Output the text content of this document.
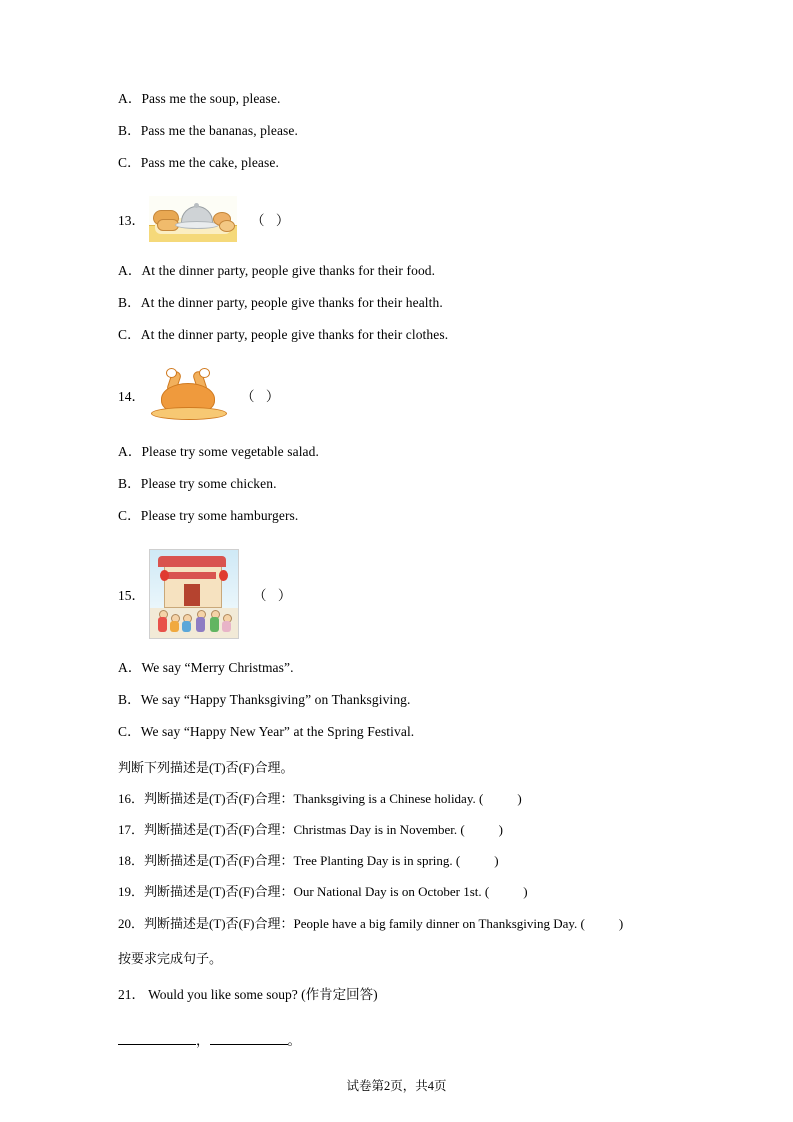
A．Pass me the soup, please.

B．Pass me the bananas, please.

C．Pass me the cake, please.

13．	（ ）

A．At the dinner party, people give thanks for their food.

B．At the dinner party, people give thanks for their health.

C．At the dinner party, people give thanks for their clothes.

14．	（ ）

A．Please try some vegetable salad.

B．Please try some chicken.

C．Please try some hamburgers.

15．	（ ）

A．We say “Merry Christmas”.

B．We say “Happy Thanksgiving” on Thanksgiving.

C．We say “Happy New Year” at the Spring Festival.

判断下列描述是(T)否(F)合理。

16．判断描述是(T)否(F)合理：Thanksgiving is a Chinese holiday. (	)

17．判断描述是(T)否(F)合理：Christmas Day is in November. (	)

18．判断描述是(T)否(F)合理：Tree Planting Day is in spring. (	)

19．判断描述是(T)否(F)合理：Our National Day is on October 1st. (	)

20．判断描述是(T)否(F)合理：People have a big family dinner on Thanksgiving Day. (	)

按要求完成句子。

21． Would you like some soup? (作肯定回答)

，	。

试卷第2页，共4页
